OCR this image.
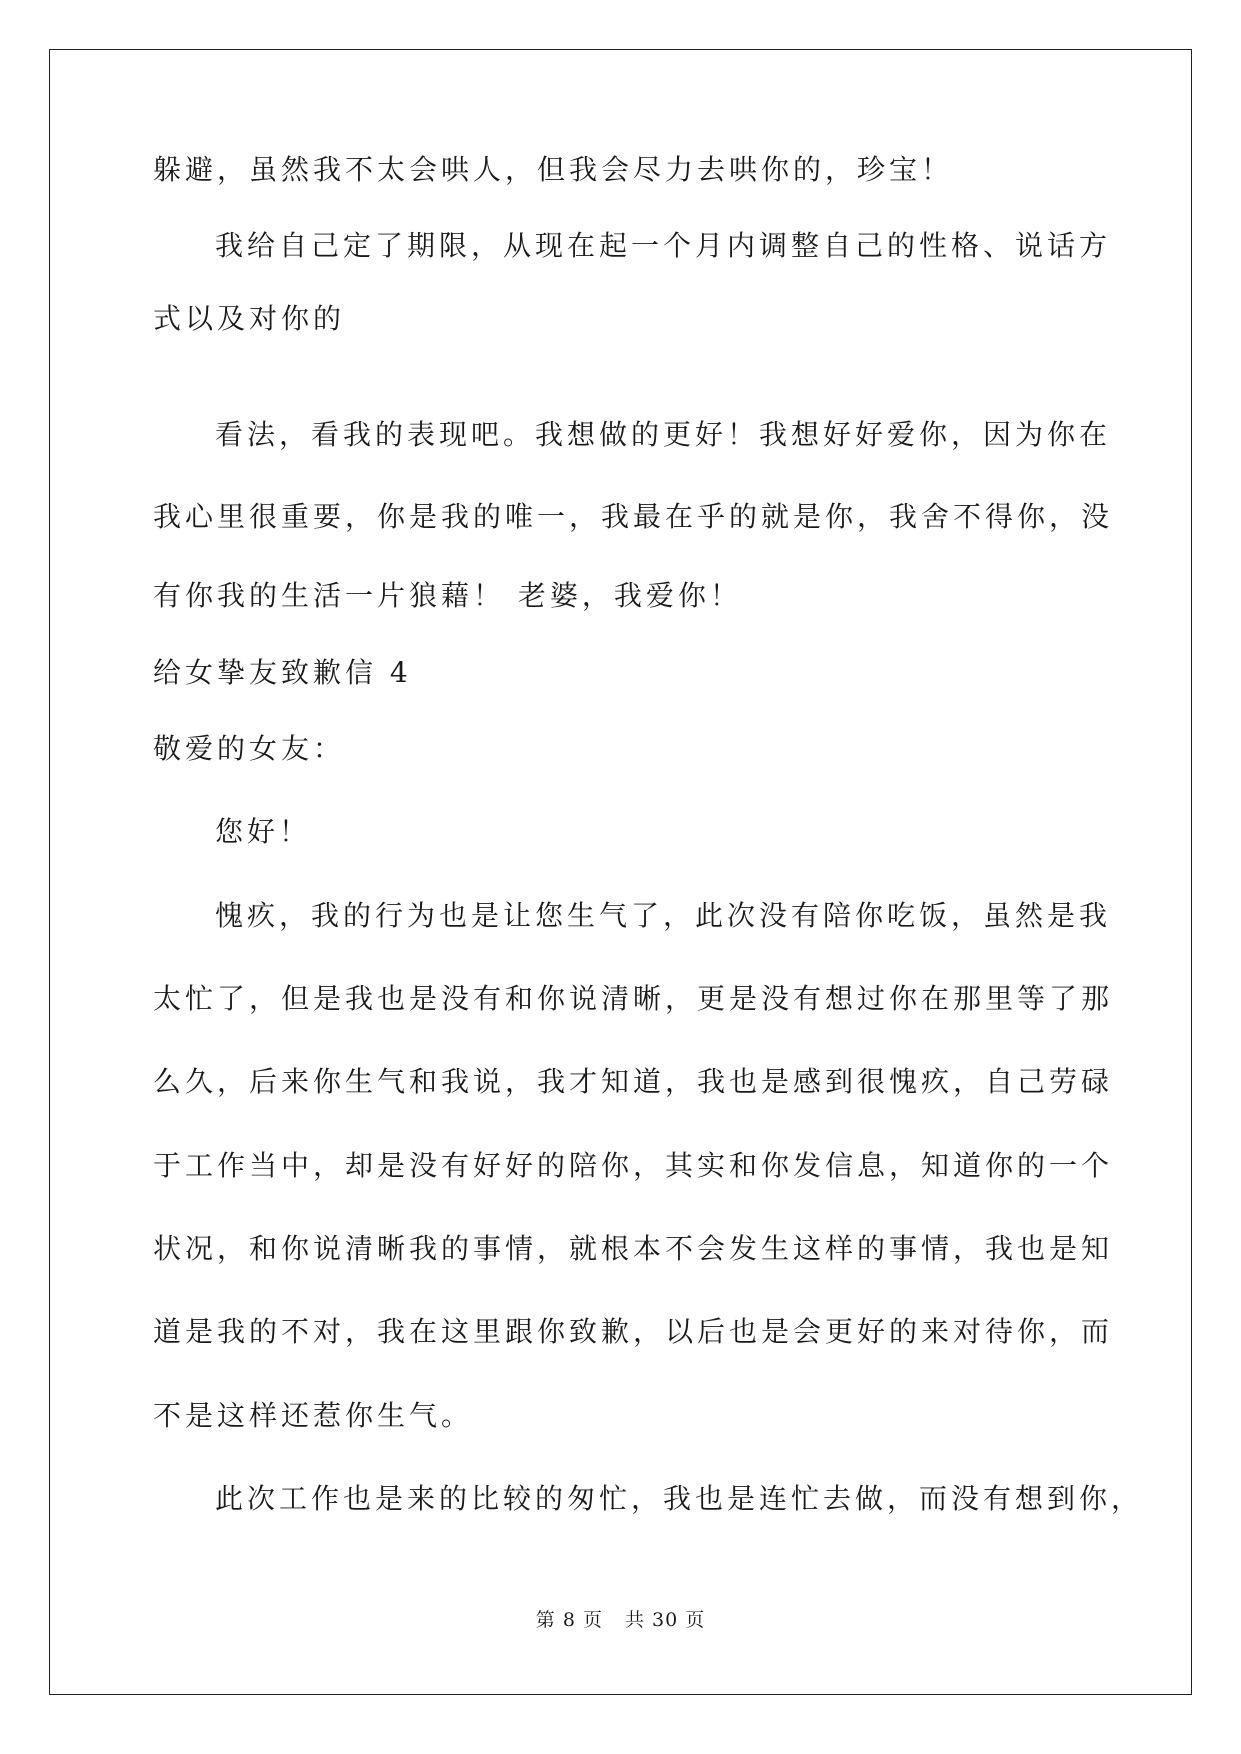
躲避，虽然我不太会哄人，但我会尽力去哄你的，珍宝！
我给自己定了期限，从现在起一个月内调整自己的性格、说话方
式以及对你的
看法，看我的表现吧。我想做的更好！我想好好爱你，因为你在
我心里很重要，你是我的唯一，我最在乎的就是你，我舍不得你，没
有你我的生活一片狼藉！ 老婆，我爱你！
给女挚友致歉信 4
敬爱的女友：
您好！
愧疚，我的行为也是让您生气了，此次没有陪你吃饭，虽然是我
太忙了，但是我也是没有和你说清晰，更是没有想过你在那里等了那
么久，后来你生气和我说，我才知道，我也是感到很愧疚，自己劳碌
于工作当中，却是没有好好的陪你，其实和你发信息，知道你的一个
状况，和你说清晰我的事情，就根本不会发生这样的事情，我也是知
道是我的不对，我在这里跟你致歉，以后也是会更好的来对待你，而
不是这样还惹你生气。
此次工作也是来的比较的匆忙，我也是连忙去做，而没有想到你，
第 8 页 共 30 页
